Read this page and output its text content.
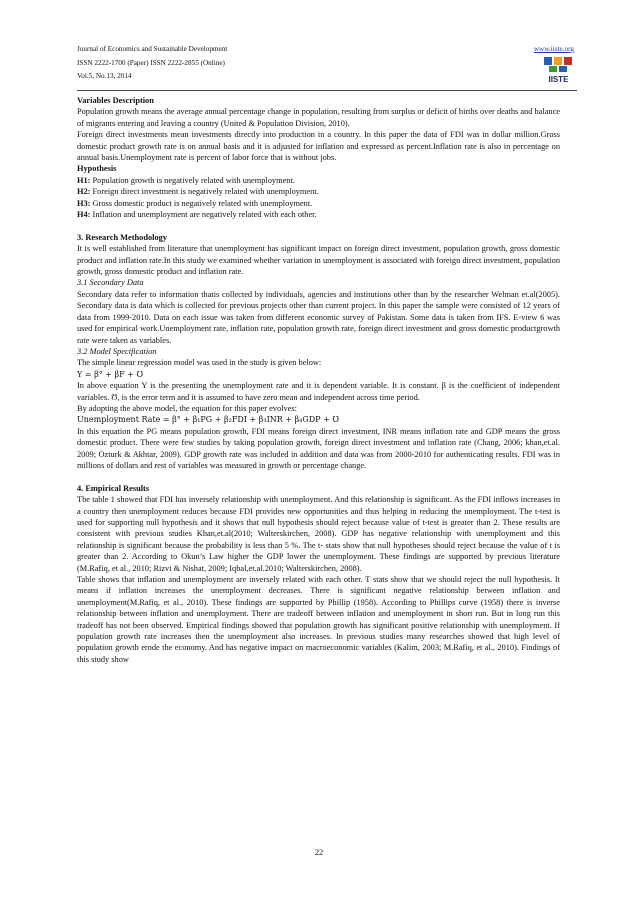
Journal of Economics and Sustainable Development
ISSN 2222-1700 (Paper) ISSN 2222-2855 (Online)
Vol.5, No.13, 2014
www.iiste.org
IISTE

Variables Description

Population growth means the average annual percentage change in population, resulting from surplus or deficit of births over deaths and balance of migrants entering and leaving a country (United & Population Division, 2010).

Foreign direct investments mean investments directly into production in a country. In this paper the data of FDI was in dollar million.Gross domestic product growth rate is on annual basis and it is adjusted for inflation and expressed as percent.Inflation rate is also in percentage on annual basis.Unemployment rate is percent of labor force that is without jobs.

Hypothesis

H1: Population growth is negatively related with unemployment.

H2: Foreign direct investment is negatively related with unemployment.

H3: Gross domestic product is negatively related with unemployment.

H4: Inflation and unemployment are negatively related with each other.

3. Research Methodology

It is well established from literature that unemployment has significant impact on foreign direct investment, population growth, gross domestic product and inflation rate.In this study we examined whether variation in unemployment is associated with foreign direct investment, population growth, gross domestic product and inflation rate.

3.1 Secondary Data

Secondary data refer to information thatis collected by individuals, agencies and institutions other than by the researcher Welman et.al(2005). Secondary data is data which is collected for previous projects other than current project. In this paper the sample were consisted of 12 years of data from 1999-2010. Data on each issue was taken from different economic survey of Pakistan. Some data is taken from IFS. E-view 6 was used for empirical work.Unemployment rate, inflation rate, population growth rate, foreign direct investment and gross domestic productgrowth rate were taken as variables.

3.2 Model Specification

The simple linear regression model was used in the study is given below:

Y = β° + βF + Ʊ

In above equation Y is the presenting the unemployment rate and it is dependent variable. It is constant. β is the coefficient of independent variables. Ʊ, is the error term and it is assumed to have zero mean and independent across time period.

By adopting the above model, the equation for this paper evolves:

Unemployment Rate = β° + β₁PG + β₂FDI + β₃INR + β₄GDP + Ʊ

In this equation the PG means population growth, FDI means foreign direct investment, INR means inflation rate and GDP means the gross domestic product. There were few studies by taking population growth, foreign direct investment and inflation rate (Chang, 2006; khan,et.al. 2009; Ozturk & Akhtar, 2009). GDP growth rate was included in addition and data was from 2000-2010 for authenticating results. FDI was in millions of dollars and rest of variables was measured in growth or percentage change.

4. Empirical Results

The table 1 showed that FDI has inversely relationship with unemployment. And this relationship is significant. As the FDI inflows increases in a country then unemployment reduces because FDI provides new opportunities and thus helping in reducing the unemployment. The t-test is used for supporting null hypothesis and it shows that null hypothesis should reject because value of t-test is greater than 2. These results are consistent with previous studies Khan,et.al(2010; Walterskirchen, 2008). GDP has negative relationship with unemployment and this relationship is significant because the probability is less than 5 %. The t- stats show that null hypotheses should reject because the value of t is greater than 2. According to Okun’s Law higher the GDP lower the unemployment. These findings are supported by previous literature (M.Rafiq, et al., 2010; Rizvi & Nishat, 2009; Iqbal,et.al.2010; Walterskirchen, 2008).

Table shows that inflation and unemployment are inversely related with each other. T stats show that we should reject the null hypothesis. It means if inflation increases the unemployment decreases. There is significant negative relationship between inflation and unemployment(M.Rafiq, et al., 2010). These findings are supported by Phillip (1958). According to Phillips curve (1958) there is inverse relationship between inflation and unemployment. There are tradeoff between inflation and unemployment in short run. But in long run this tradeoff has not been observed. Empirical findings showed that population growth has significant positive relationship with unemployment. If population growth rate increases then the unemployment also increases. In previous studies many researches showed that high level of population growth erode the economy. And has negative impact on macroeconomic variables (Kalim, 2003; M.Rafiq, et al., 2010). Findings of this study show

22
